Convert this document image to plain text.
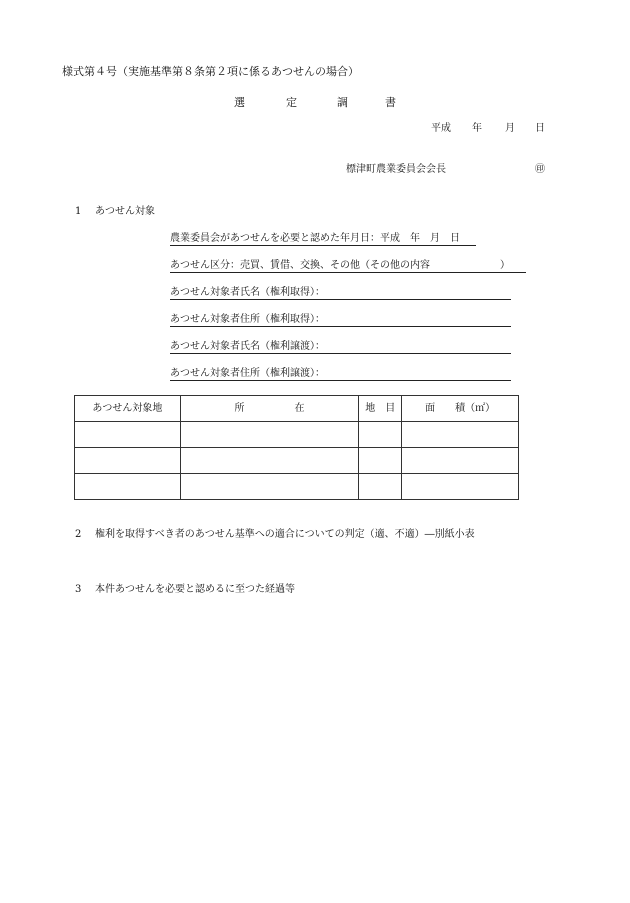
様式第４号（実施基準第８条第２項に係るあつせんの場合）
選	定	調	書
平成 年 月 日
標津町農業委員会会長	㊞
1 あつせん対象
農業委員会があつせんを必要と認めた年月日：平成　年　月　日
あつせん区分：売買、賃借、交換、その他（その他の内容　　　　　　　）
あつせん対象者氏名（権利取得）：
あつせん対象者住所（権利取得）：
あつせん対象者氏名（権利譲渡）：
あつせん対象者住所（権利譲渡）：
あつせん対象地	所　　　　　在	地　目	面　　積（㎡）

2 権利を取得すべき者のあつせん基準への適合についての判定（適、不適）―別紙小表
3 本件あつせんを必要と認めるに至つた経過等
